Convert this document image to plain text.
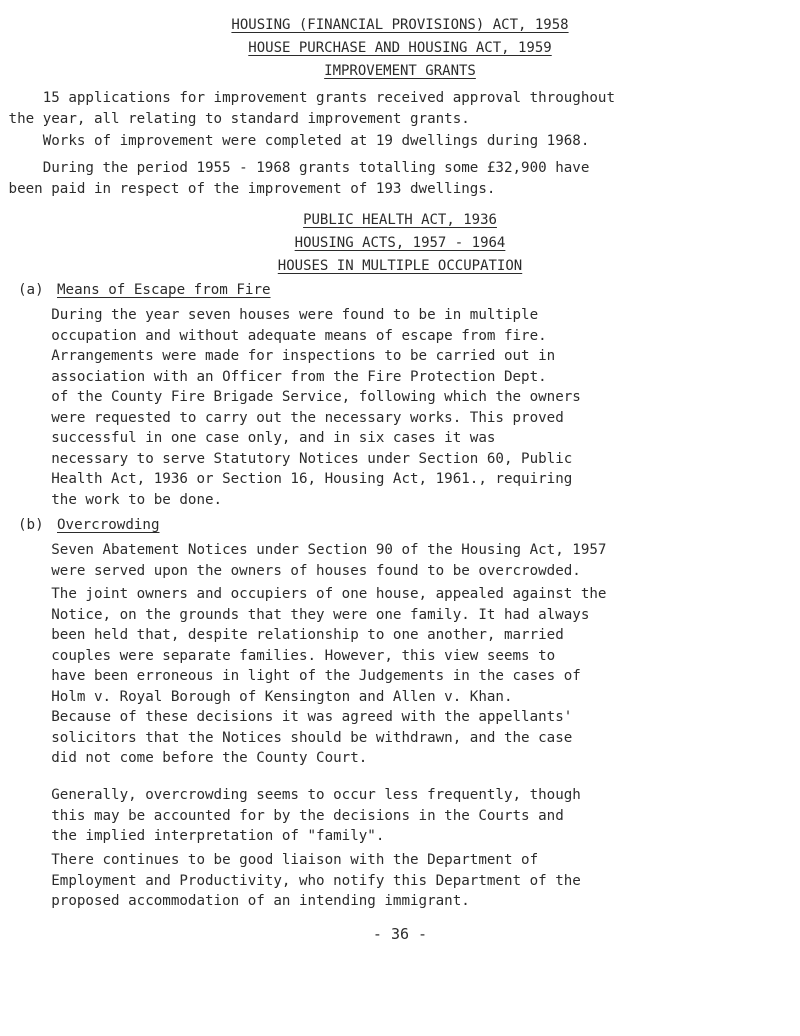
HOUSING (FINANCIAL PROVISIONS) ACT, 1958
HOUSE PURCHASE AND HOUSING ACT, 1959
IMPROVEMENT GRANTS

15 applications for improvement grants received approval throughout
the year, all relating to standard improvement grants.

Works of improvement were completed at 19 dwellings during 1968.

During the period 1955 - 1968 grants totalling some £32,900 have
been paid in respect of the improvement of 193 dwellings.

PUBLIC HEALTH ACT, 1936
HOUSING ACTS, 1957 - 1964
HOUSES IN MULTIPLE OCCUPATION
(a) Means of Escape from Fire

During the year seven houses were found to be in multiple
occupation and without adequate means of escape from fire.
Arrangements were made for inspections to be carried out in
association with an Officer from the Fire Protection Dept.
of the County Fire Brigade Service, following which the owners
were requested to carry out the necessary works. This proved
successful in one case only, and in six cases it was
necessary to serve Statutory Notices under Section 60, Public
Health Act, 1936 or Section 16, Housing Act, 1961., requiring
the work to be done.

(b) Overcrowding

Seven Abatement Notices under Section 90 of the Housing Act, 1957
were served upon the owners of houses found to be overcrowded.

The joint owners and occupiers of one house, appealed against the
Notice, on the grounds that they were one family. It had always
been held that, despite relationship to one another, married
couples were separate families. However, this view seems to
have been erroneous in light of the Judgements in the cases of
Holm v. Royal Borough of Kensington and Allen v. Khan.
Because of these decisions it was agreed with the appellants'
solicitors that the Notices should be withdrawn, and the case
did not come before the County Court.

Generally, overcrowding seems to occur less frequently, though
this may be accounted for by the decisions in the Courts and
the implied interpretation of "family".

There continues to be good liaison with the Department of
Employment and Productivity, who notify this Department of the
proposed accommodation of an intending immigrant.

- 36 -
